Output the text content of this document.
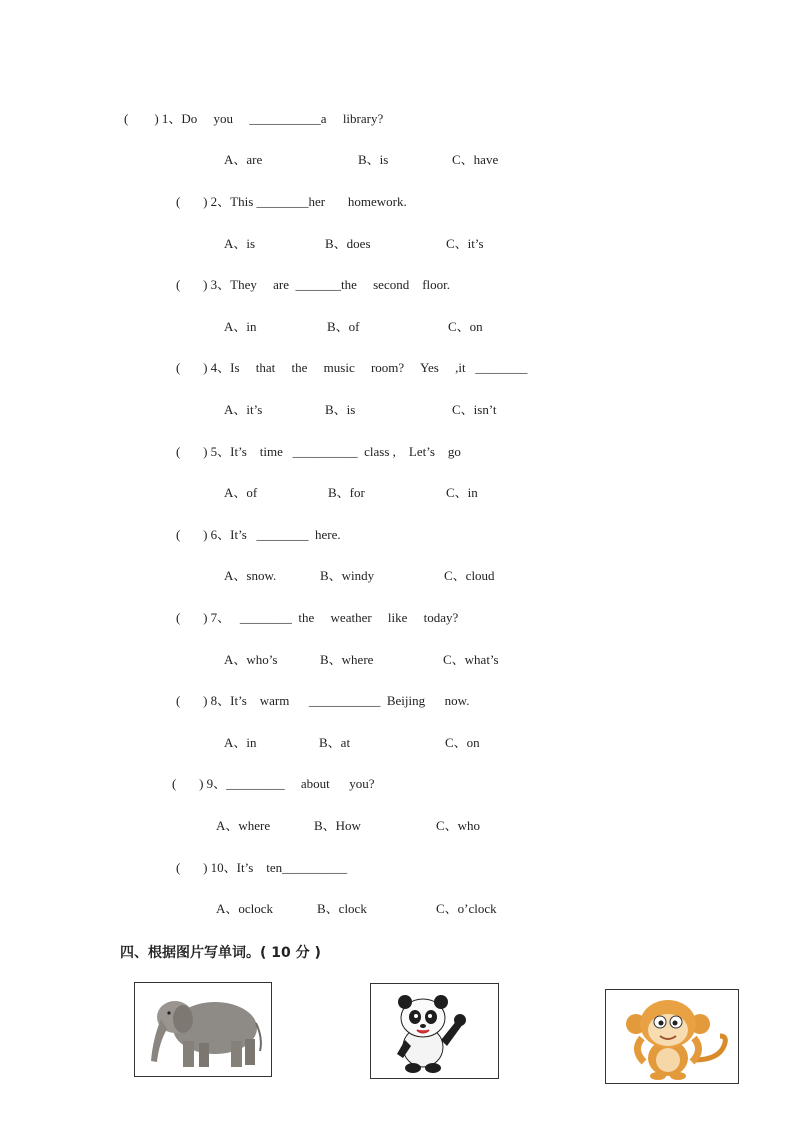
(        ) 1、Do     you     ___________a     library?
A、are	B、is	C、have
(       ) 2、This ________her       homework.
A、is	B、does	C、it’s
(       ) 3、They     are  _______the     second    floor.
A、in	B、of	C、on
(       ) 4、Is     that     the     music     room?     Yes     ,it   ________
A、it’s	B、is	C、isn’t
(       ) 5、It’s    time   __________  class ,    Let’s    go
A、of	B、for	C、in
(       ) 6、It’s   ________  here.
A、snow.	B、windy	C、cloud
(       ) 7、   ________  the     weather     like     today?
A、who’s	B、where	C、what’s
(       ) 8、It’s    warm      ___________  Beijing      now.
A、in	B、at	C、on
(       ) 9、_________     about      you?
A、where	B、How	C、who
(       ) 10、It’s    ten__________
A、oclock	B、clock	C、o’clock
四、根据图片写单词。( 10 分 )
